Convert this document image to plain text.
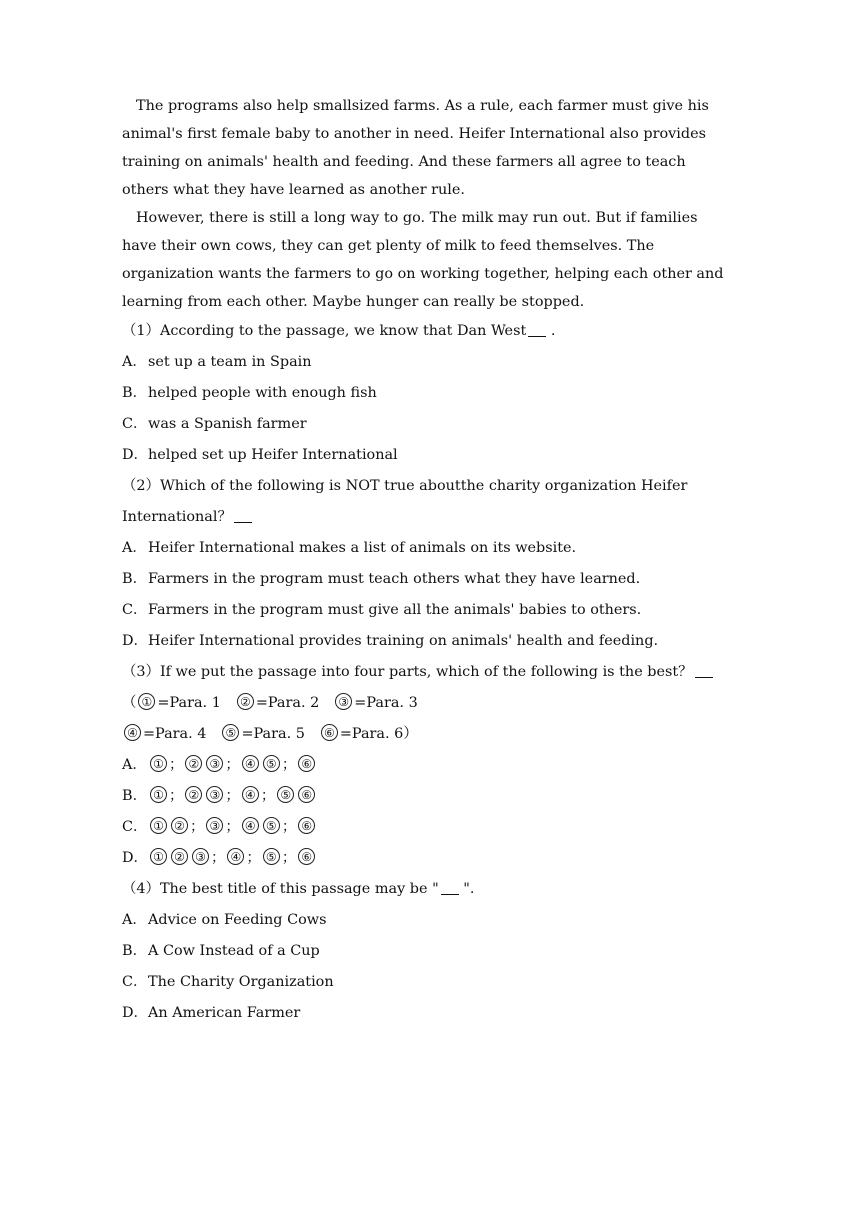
The programs also help smallsized farms. As a rule, each farmer must give his animal's first female baby to another in need. Heifer International also provides training on animals' health and feeding. And these farmers all agree to teach others what they have learned as another rule.

However, there is still a long way to go. The milk may run out. But if families have their own cows, they can get plenty of milk to feed themselves. The organization wants the farmers to go on working together, helping each other and learning from each other. Maybe hunger can really be stopped.

（1）According to the passage, we know that Dan West .

A．set up a team in Spain

B．helped people with enough fish

C．was a Spanish farmer

D．helped set up Heifer International

（2）Which of the following is NOT true aboutthe charity organization Heifer International？

A．Heifer International makes a list of animals on its website.

B．Farmers in the program must teach others what they have learned.

C．Farmers in the program must give all the animals' babies to others.

D．Heifer International provides training on animals' health and feeding.

（3）If we put the passage into four parts, which of the following is the best？

（ ① =Para. 1 ② =Para. 2 ③ =Para. 3

④ =Para. 4 ⑤ =Para. 5 ⑥ =Para. 6）

A． ① ； ② ③ ； ④ ⑤ ； ⑥

B． ① ； ② ③ ； ④ ； ⑤ ⑥

C． ① ② ； ③ ； ④ ⑤ ； ⑥

D． ① ② ③ ； ④ ； ⑤ ； ⑥

（4）The best title of this passage may be " ".

A．Advice on Feeding Cows

B．A Cow Instead of a Cup

C．The Charity Organization

D．An American Farmer
